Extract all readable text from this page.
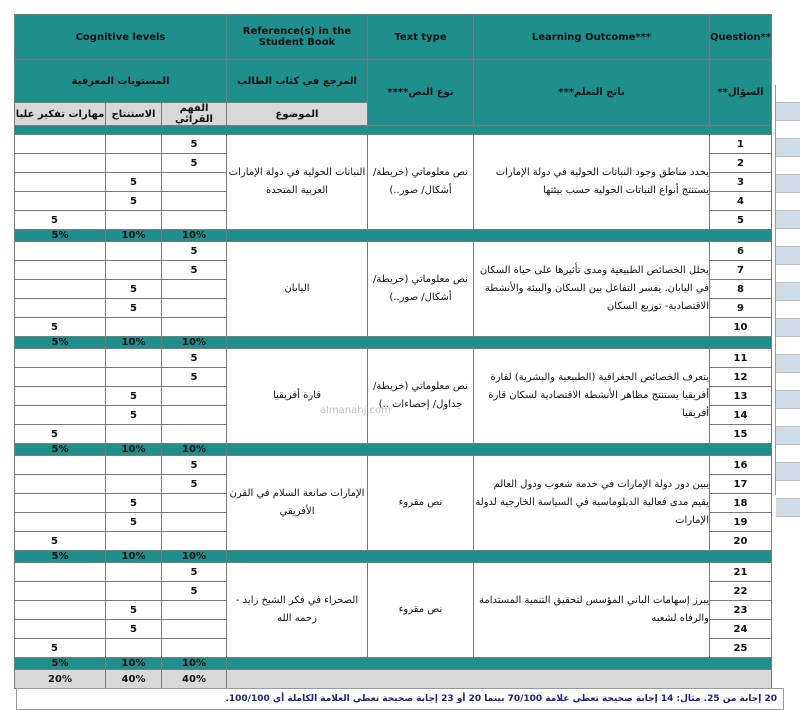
Cognitive levels			Reference(s) in the Student Book	Text type	Learning Outcome***	Question**
المستويات المعرفية			المرجع في كتاب الطالب	****نوع النص	***ناتج التعلم	**السؤال
مهارات تفكير عليا	الاستنتاج	الفهم القرائي	الموضوع			

		5	النباتات الحولية في دولة الإمارات العربية المتحدة	نص معلوماتي (خريطة/ أشكال/ صور..)	يحدد مناطق وجود النباتات الحولية في دولة الإمارات يستنتج أنواع النباتات الحولية حسب بيئتها	1
		5				2
	5					3
	5					4
5						5
5%	10%	10%				
		5	اليابان	نص معلوماتي (خريطة/ أشكال/ صور..)	يحلل الخصائص الطبيعية ومدى تأثيرها على حياة السكان في اليابان. يفسر التفاعل بين السكان والبيئة والأنشطة الاقتصادية- توزيع السكان	6
		5				7
	5					8
	5					9
5						10
5%	10%	10%				
		5	قارة أفريقيا	نص معلوماتي (خريطة/ جداول/ إحصاءات ..)	يتعرف الخصائص الجغرافية (الطبيعية والبشرية) لقارة أفريقيا يستنتج مظاهر الأنشطة الاقتصادية لسكان قارة أفريقيا	11
		5				12
	5					13
	5					14
5						15
5%	10%	10%				
		5	الإمارات صانعة السلام في القرن الأفريقي	نص مقروء	يبين دور دولة الإمارات في خدمة شعوب ودول العالم يقيم مدى فعالية الدبلوماسية في السياسة الخارجية لدولة الإمارات	16
		5				17
	5					18
	5					19
5						20
5%	10%	10%				
		5	الصحراء في فكر الشيخ زايد - رحمه الله	نص مقروء	يبرز إسهامات الباني المؤسس لتحقيق التنمية المستدامة والرفاه لشعبه	21
		5				22
	5					23
	5					24
5						25
5%	10%	10%				
20%	40%	40%				
almanahj.com
20 إجابة من 25. مثال: 14 إجابة صحيحة تعطي علامة 70/100 بينما 20 أو 23 إجابة صحيحة تعطي العلامة الكاملة أي 100/100.
